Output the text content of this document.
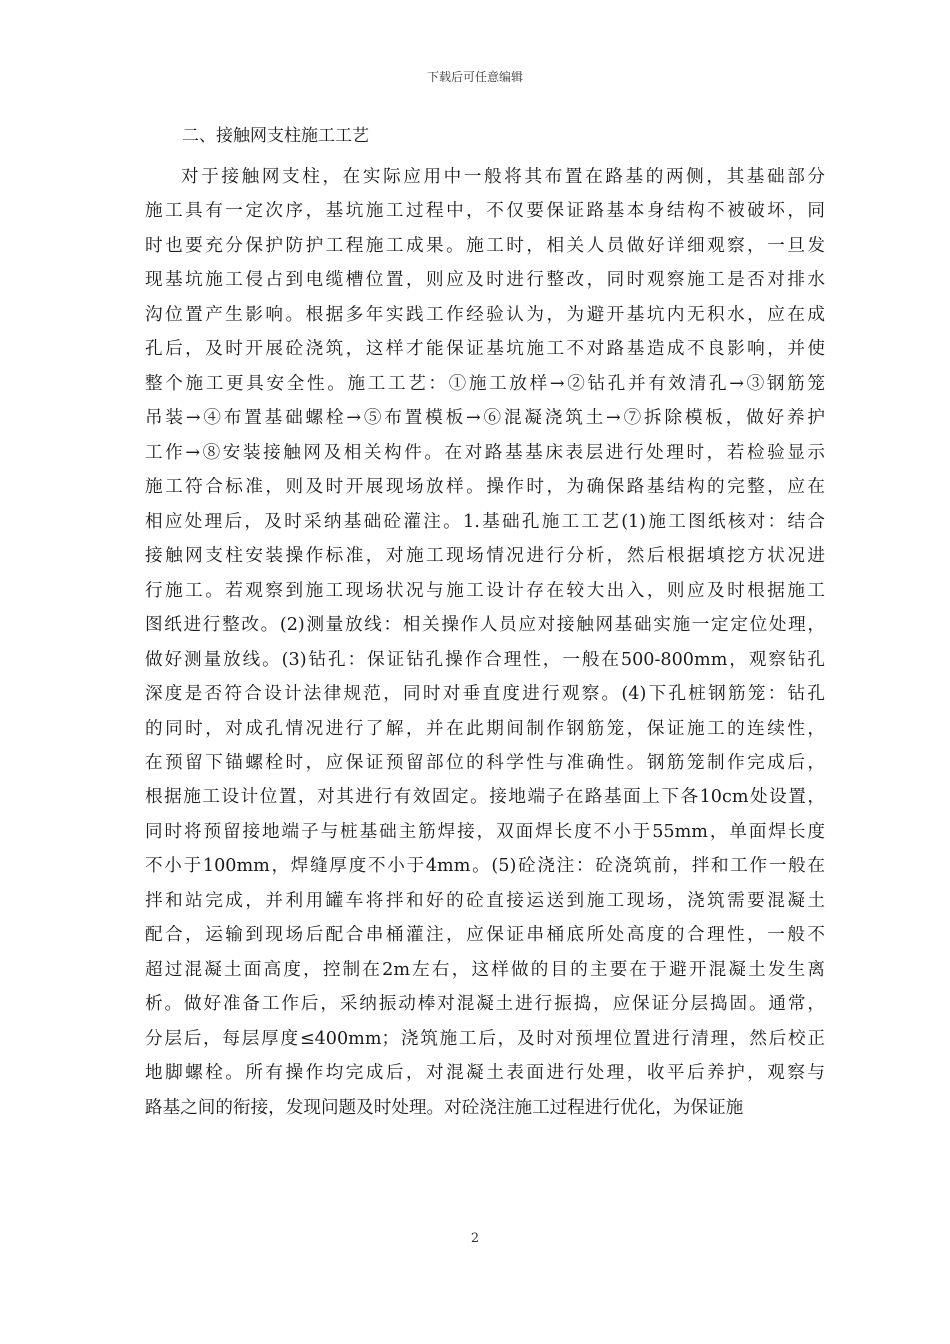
下载后可任意编辑
二、接触网支柱施工工艺
对于接触网支柱，在实际应用中一般将其布置在路基的两侧，其基础部分
施工具有一定次序，基坑施工过程中，不仅要保证路基本身结构不被破坏，同
时也要充分保护防护工程施工成果。施工时，相关人员做好详细观察，一旦发
现基坑施工侵占到电缆槽位置，则应及时进行整改，同时观察施工是否对排水
沟位置产生影响。根据多年实践工作经验认为，为避开基坑内无积水，应在成
孔后，及时开展砼浇筑，这样才能保证基坑施工不对路基造成不良影响，并使
整个施工更具安全性。施工工艺：①施工放样→②钻孔并有效清孔→③钢筋笼
吊装→④布置基础螺栓→⑤布置模板→⑥混凝浇筑土→⑦拆除模板，做好养护
工作→⑧安装接触网及相关构件。在对路基基床表层进行处理时，若检验显示
施工符合标准，则及时开展现场放样。操作时，为确保路基结构的完整，应在
相应处理后，及时采纳基础砼灌注。1.基础孔施工工艺(1)施工图纸核对：结合
接触网支柱安装操作标准，对施工现场情况进行分析，然后根据填挖方状况进
行施工。若观察到施工现场状况与施工设计存在较大出入，则应及时根据施工
图纸进行整改。(2)测量放线：相关操作人员应对接触网基础实施一定定位处理，
做好测量放线。(3)钻孔：保证钻孔操作合理性，一般在500-800mm，观察钻孔
深度是否符合设计法律规范，同时对垂直度进行观察。(4)下孔桩钢筋笼：钻孔
的同时，对成孔情况进行了解，并在此期间制作钢筋笼，保证施工的连续性，
在预留下锚螺栓时，应保证预留部位的科学性与准确性。钢筋笼制作完成后，
根据施工设计位置，对其进行有效固定。接地端子在路基面上下各10cm处设置，
同时将预留接地端子与桩基础主筋焊接，双面焊长度不小于55mm，单面焊长度
不小于100mm，焊缝厚度不小于4mm。(5)砼浇注：砼浇筑前，拌和工作一般在
拌和站完成，并利用罐车将拌和好的砼直接运送到施工现场，浇筑需要混凝土
配合，运输到现场后配合串桶灌注，应保证串桶底所处高度的合理性，一般不
超过混凝土面高度，控制在2m左右，这样做的目的主要在于避开混凝土发生离
析。做好准备工作后，采纳振动棒对混凝土进行振捣，应保证分层捣固。通常，
分层后，每层厚度≤400mm；浇筑施工后，及时对预埋位置进行清理，然后校正
地脚螺栓。所有操作均完成后，对混凝土表面进行处理，收平后养护，观察与
路基之间的衔接，发现问题及时处理。对砼浇注施工过程进行优化，为保证施
2
